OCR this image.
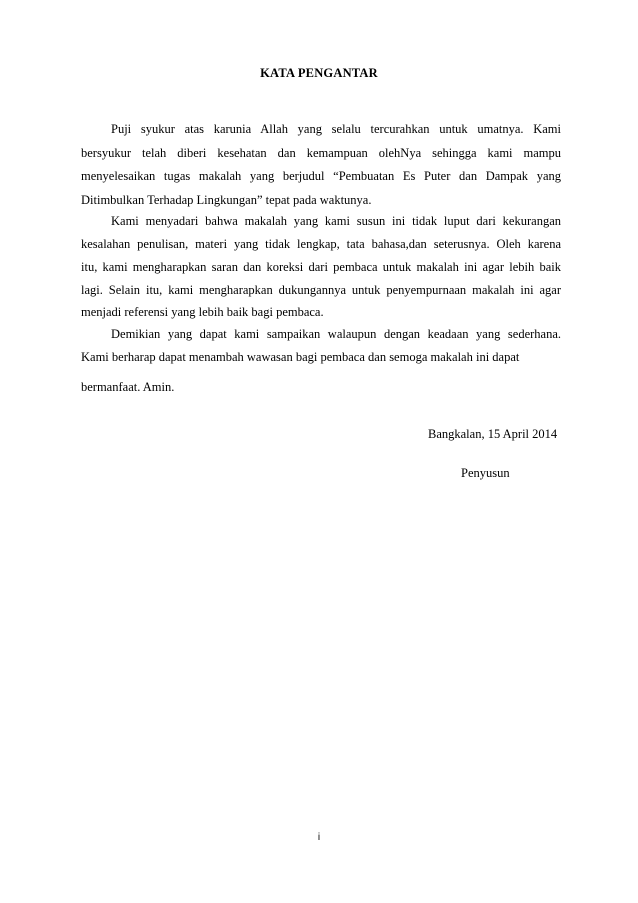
KATA PENGANTAR
Puji syukur atas karunia Allah yang selalu tercurahkan untuk umatnya. Kami
bersyukur telah diberi kesehatan dan kemampuan olehNya sehingga kami mampu
menyelesaikan tugas makalah yang berjudul “Pembuatan Es Puter dan Dampak yang
Ditimbulkan Terhadap Lingkungan” tepat pada waktunya.
Kami menyadari bahwa makalah yang kami susun ini tidak luput dari kekurangan
kesalahan penulisan, materi yang tidak lengkap, tata bahasa,dan seterusnya. Oleh karena
itu, kami mengharapkan saran dan koreksi dari pembaca untuk makalah ini agar lebih baik
lagi. Selain itu, kami mengharapkan dukungannya untuk penyempurnaan makalah ini agar
menjadi referensi yang lebih baik bagi pembaca.
Demikian yang dapat kami sampaikan walaupun dengan keadaan yang sederhana.
Kami berharap dapat menambah wawasan bagi pembaca dan semoga makalah ini dapat
bermanfaat. Amin.
Bangkalan, 15 April 2014
Penyusun
i
